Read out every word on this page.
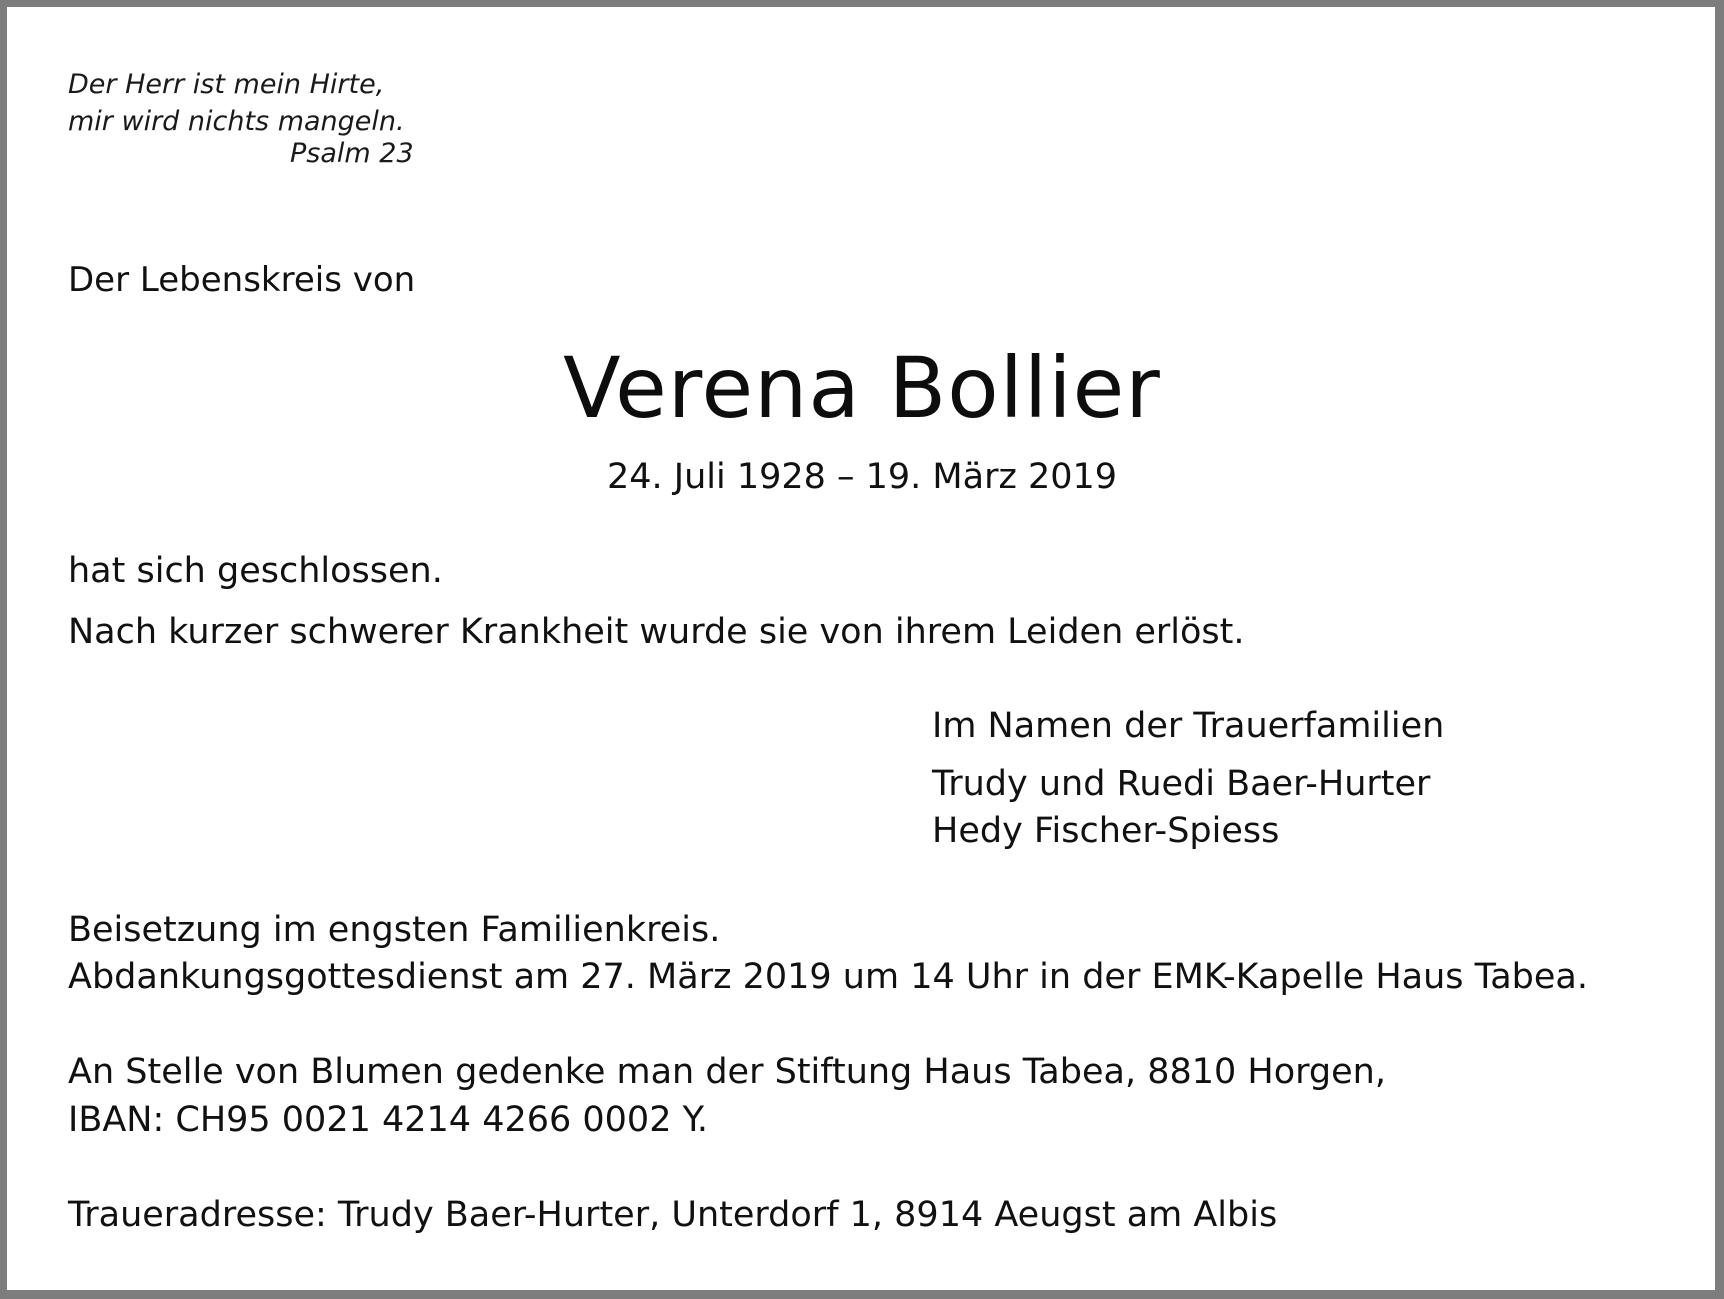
Der Herr ist mein Hirte,
mir wird nichts mangeln.
Psalm 23
Der Lebenskreis von
Verena Bollier
24. Juli 1928 – 19. März 2019
hat sich geschlossen.
Nach kurzer schwerer Krankheit wurde sie von ihrem Leiden erlöst.
Im Namen der Trauerfamilien
Trudy und Ruedi Baer-Hurter
Hedy Fischer-Spiess
Beisetzung im engsten Familienkreis.
Abdankungsgottesdienst am 27. März 2019 um 14 Uhr in der EMK-Kapelle Haus Tabea.
An Stelle von Blumen gedenke man der Stiftung Haus Tabea, 8810 Horgen,
IBAN: CH95 0021 4214 4266 0002 Y.
Traueradresse: Trudy Baer-Hurter, Unterdorf 1, 8914 Aeugst am Albis
